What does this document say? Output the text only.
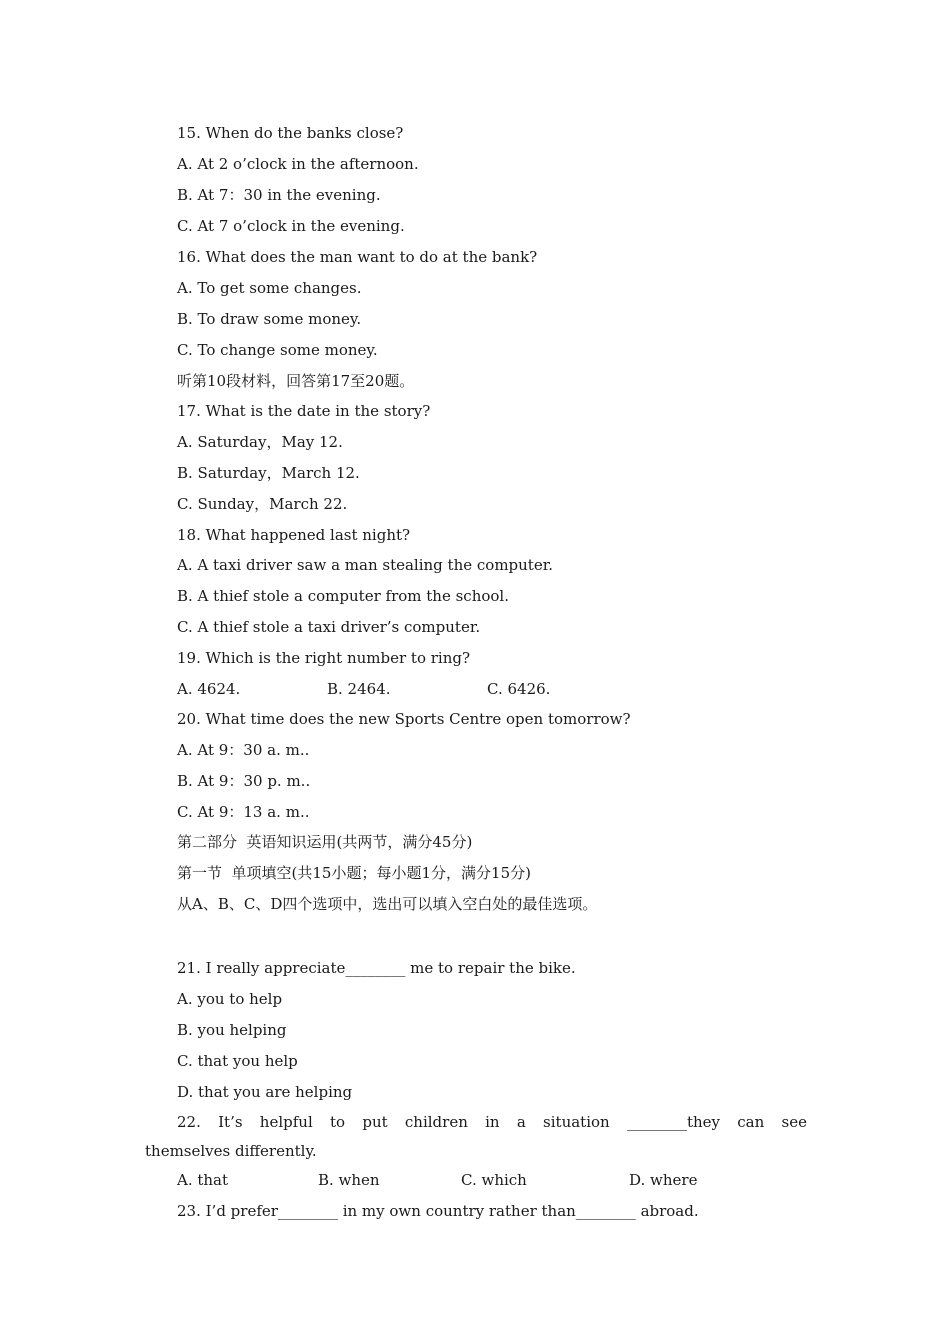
15. When do the banks close?
A. At 2 o’clock in the afternoon.
B. At 7：30 in the evening.
C. At 7 o’clock in the evening.
16. What does the man want to do at the bank?
A. To get some changes.
B. To draw some money.
C. To change some money.
听第10段材料，回答第17至20题。
17. What is the date in the story?
A. Saturday，May 12.
B. Saturday，March 12.
C. Sunday，March 22.
18. What happened last night?
A. A taxi driver saw a man stealing the computer.
B. A thief stole a computer from the school.
C. A thief stole a taxi driver’s computer.
19. Which is the right number to ring?
A. 4624.	B. 2464.	C. 6426.
20. What time does the new Sports Centre open tomorrow?
A. At 9：30 a. m..
B. At 9：30 p. m..
C. At 9：13 a. m..
第二部分  英语知识运用(共两节，满分45分)
第一节  单项填空(共15小题；每小题1分，满分15分)
从A、B、C、D四个选项中，选出可以填入空白处的最佳选项。
21. I really appreciate________ me to repair the bike.
A. you to help
B. you helping
C. that you help
D. that you are helping
22. It’s helpful to put children in a situation ________they can see
themselves differently.
A. that	B. when	C. which	D. where
23. I’d prefer________ in my own country rather than________ abroad.
